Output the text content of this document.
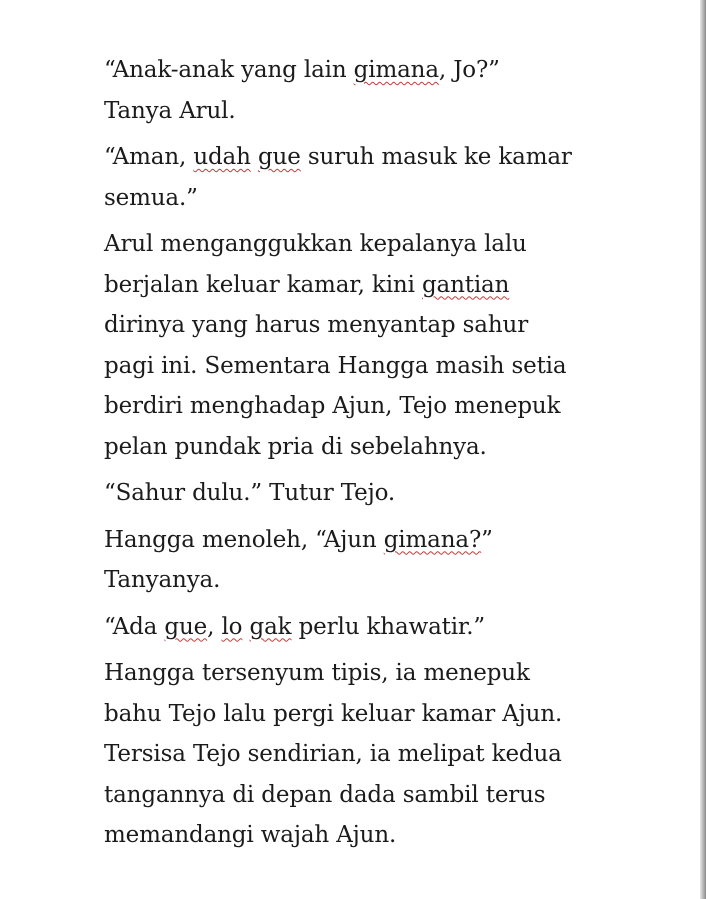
“Anak-anak yang lain gimana, Jo?”
Tanya Arul.

“Aman, udah gue suruh masuk ke kamar
semua.”

Arul menganggukkan kepalanya lalu
berjalan keluar kamar, kini gantian
dirinya yang harus menyantap sahur
pagi ini. Sementara Hangga masih setia
berdiri menghadap Ajun, Tejo menepuk
pelan pundak pria di sebelahnya.

“Sahur dulu.” Tutur Tejo.

Hangga menoleh, “Ajun gimana?”
Tanyanya.

“Ada gue, lo gak perlu khawatir.”

Hangga tersenyum tipis, ia menepuk
bahu Tejo lalu pergi keluar kamar Ajun.
Tersisa Tejo sendirian, ia melipat kedua
tangannya di depan dada sambil terus
memandangi wajah Ajun.
